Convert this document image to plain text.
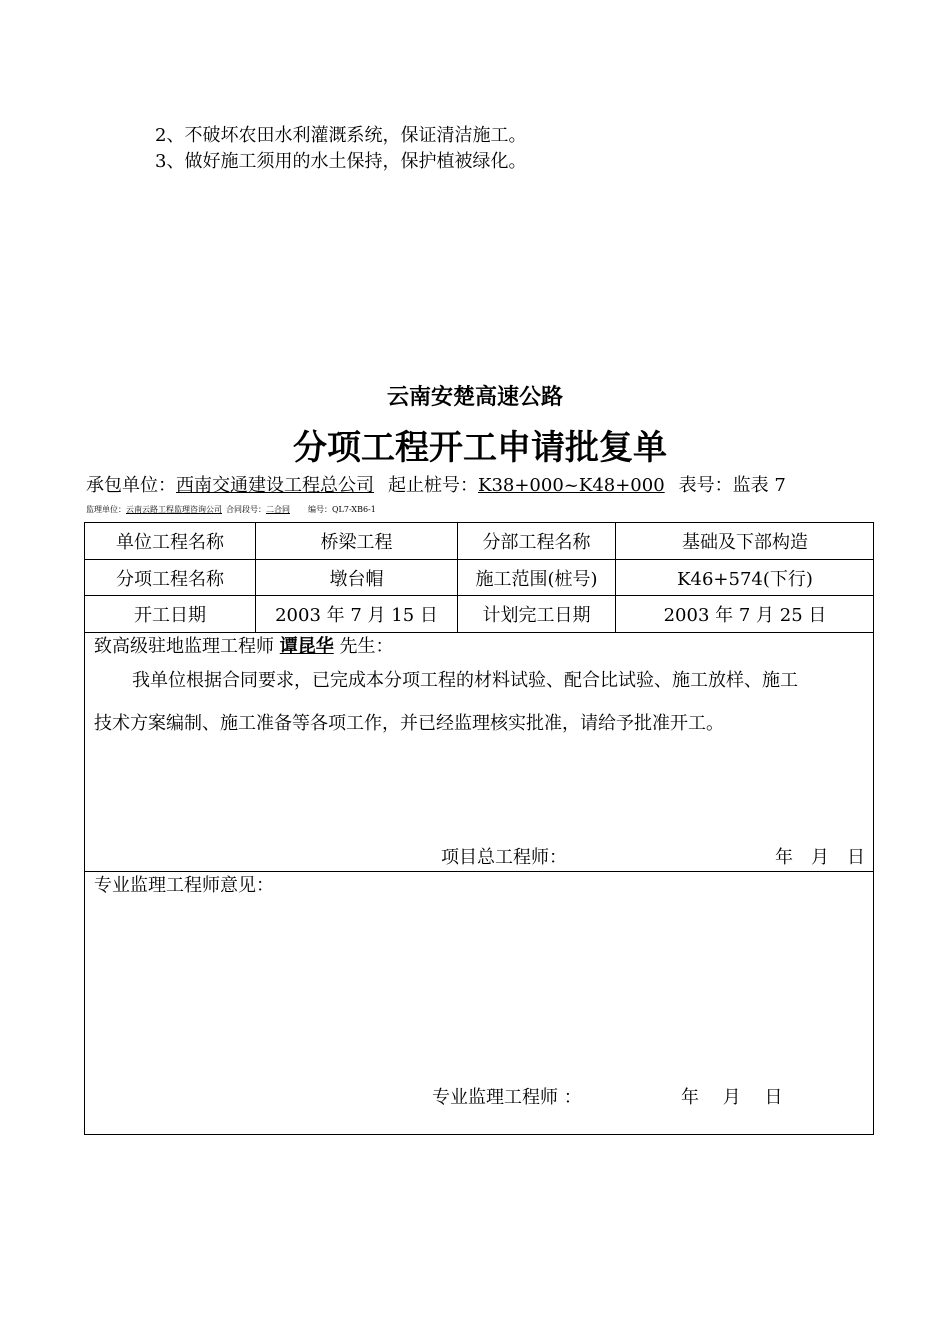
2、不破坏农田水利灌溉系统，保证清洁施工。
3、做好施工须用的水土保持，保护植被绿化。
云南安楚高速公路
分项工程开工申请批复单
承包单位：西南交通建设工程总公司 起止桩号：K38+000~K48+000 表号：监表 7
监理单位：云南云路工程监理咨询公司 合同段号：二合同 编号：QL7-XB6-1
单位工程名称	桥梁工程	分部工程名称	基础及下部构造
分项工程名称	墩台帽	施工范围(桩号)	K46+574(下行)
开工日期	2003 年 7 月 15 日	计划完工日期	2003 年 7 月 25 日
致高级驻地监理工程师 谭昆华 先生：
我单位根据合同要求，已完成本分项工程的材料试验、配合比试验、施工放样、施工
技术方案编制、施工准备等各项工作，并已经监理核实批准，请给予批准开工。
项目总工程师：	年　月　日
专业监理工程师意见：
专业监理工程师 ：	年　 月　 日
